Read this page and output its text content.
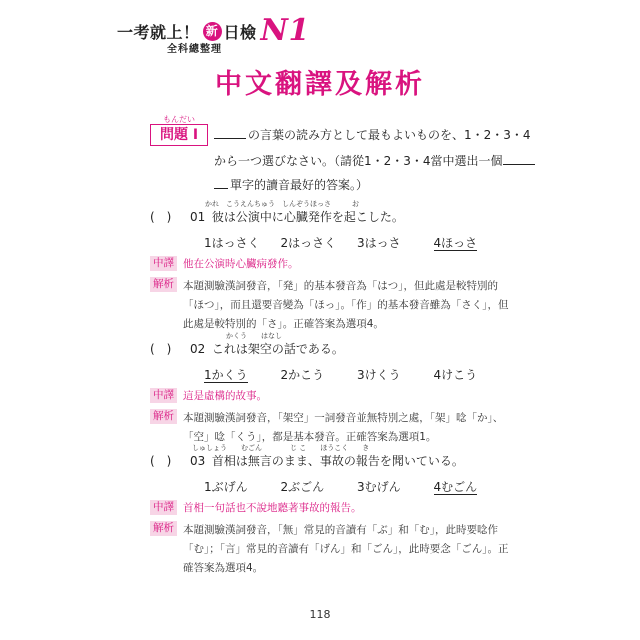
一考就上！ 新 日檢 N1
全科總整理
中文翻譯及解析
もんだい
問題 I	の言葉の読み方として最もよいものを、1・2・3・4
から一つ選びなさい。（請從1・2・3・4當中選出一個
單字的讀音最好的答案。）
かれ　こうえんちゅう　しんぞうほっさ　　　お
(　) 01 彼は公演中に心臓発作を起こした。
1はっさく	2はっさく	3はっさ	4ほっさ
中譯 他在公演時心臟病發作。
解析 本題測驗漢詞發音，「発」的基本發音為「はつ」，但此處是較特別的「ほつ」，而且還要音變為「ほっ」。「作」的基本發音雖為「さく」，但此處是較特別的「さ」。正確答案為選項4。
　　　かくう　　はなし
(　) 02 これは架空の話である。
1かくう	2かこう	3けくう	4けこう
中譯 這是虛構的故事。
解析 本題測驗漢詞發音，「架空」一詞發音並無特別之處，「架」唸「か」、「空」唸「くう」，都是基本發音。正確答案為選項1。
しゅしょう　　むごん　　　　じ こ　　ほうこく　　き
(　) 03 首相は無言のまま、事故の報告を聞いている。
1ぶげん	2ぶごん	3むげん	4むごん
中譯 首相一句話也不說地聽著事故的報告。
解析 本題測驗漢詞發音，「無」常見的音讀有「ぶ」和「む」，此時要唸作「む」；「言」常見的音讀有「げん」和「ごん」，此時要念「ごん」。正確答案為選項4。
118
